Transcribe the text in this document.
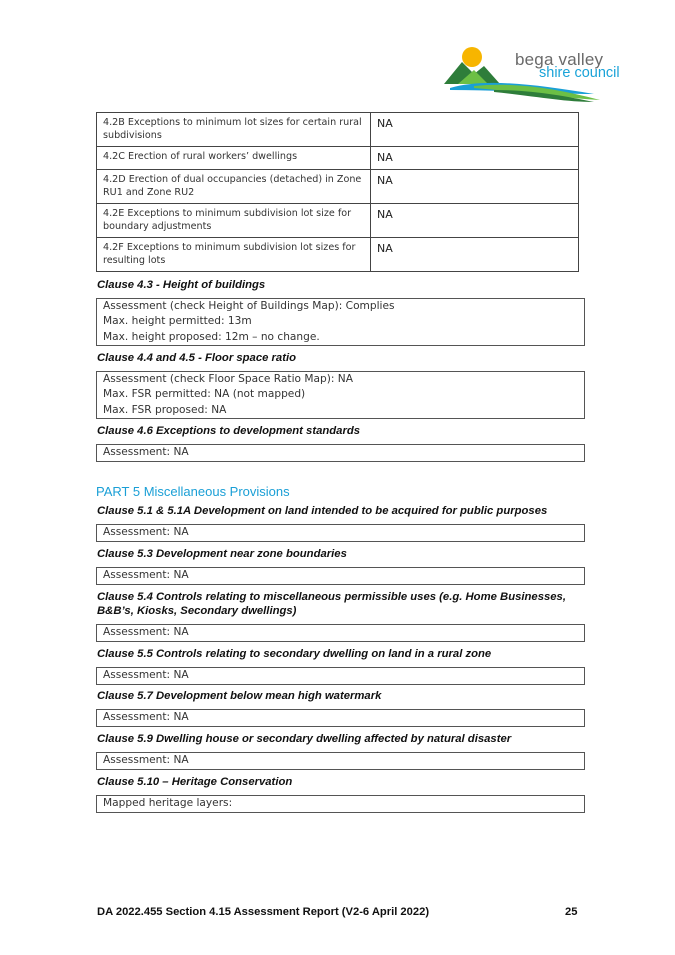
bega valley
shire council
4.2B Exceptions to minimum lot sizes for certain rural subdivisions	NA
4.2C Erection of rural workers’ dwellings	NA
4.2D Erection of dual occupancies (detached) in Zone RU1 and Zone RU2	NA
4.2E Exceptions to minimum subdivision lot size for boundary adjustments	NA
4.2F Exceptions to minimum subdivision lot sizes for resulting lots	NA
Clause 4.3 - Height of buildings
Assessment (check Height of Buildings Map): Complies
Max. height permitted: 13m
Max. height proposed: 12m – no change.
Clause 4.4 and 4.5 - Floor space ratio
Assessment (check Floor Space Ratio Map): NA
Max. FSR permitted: NA (not mapped)
Max. FSR proposed: NA
Clause 4.6 Exceptions to development standards
Assessment: NA
PART 5 Miscellaneous Provisions
Clause 5.1 & 5.1A Development on land intended to be acquired for public purposes
Assessment: NA
Clause 5.3 Development near zone boundaries
Assessment: NA
Clause 5.4 Controls relating to miscellaneous permissible uses (e.g. Home Businesses,
B&B’s, Kiosks, Secondary dwellings)
Assessment: NA
Clause 5.5 Controls relating to secondary dwelling on land in a rural zone
Assessment: NA
Clause 5.7 Development below mean high watermark
Assessment: NA
Clause 5.9 Dwelling house or secondary dwelling affected by natural disaster
Assessment: NA
Clause 5.10 – Heritage Conservation
Mapped heritage layers:
DA 2022.455 Section 4.15 Assessment Report (V2-6 April 2022)	25
